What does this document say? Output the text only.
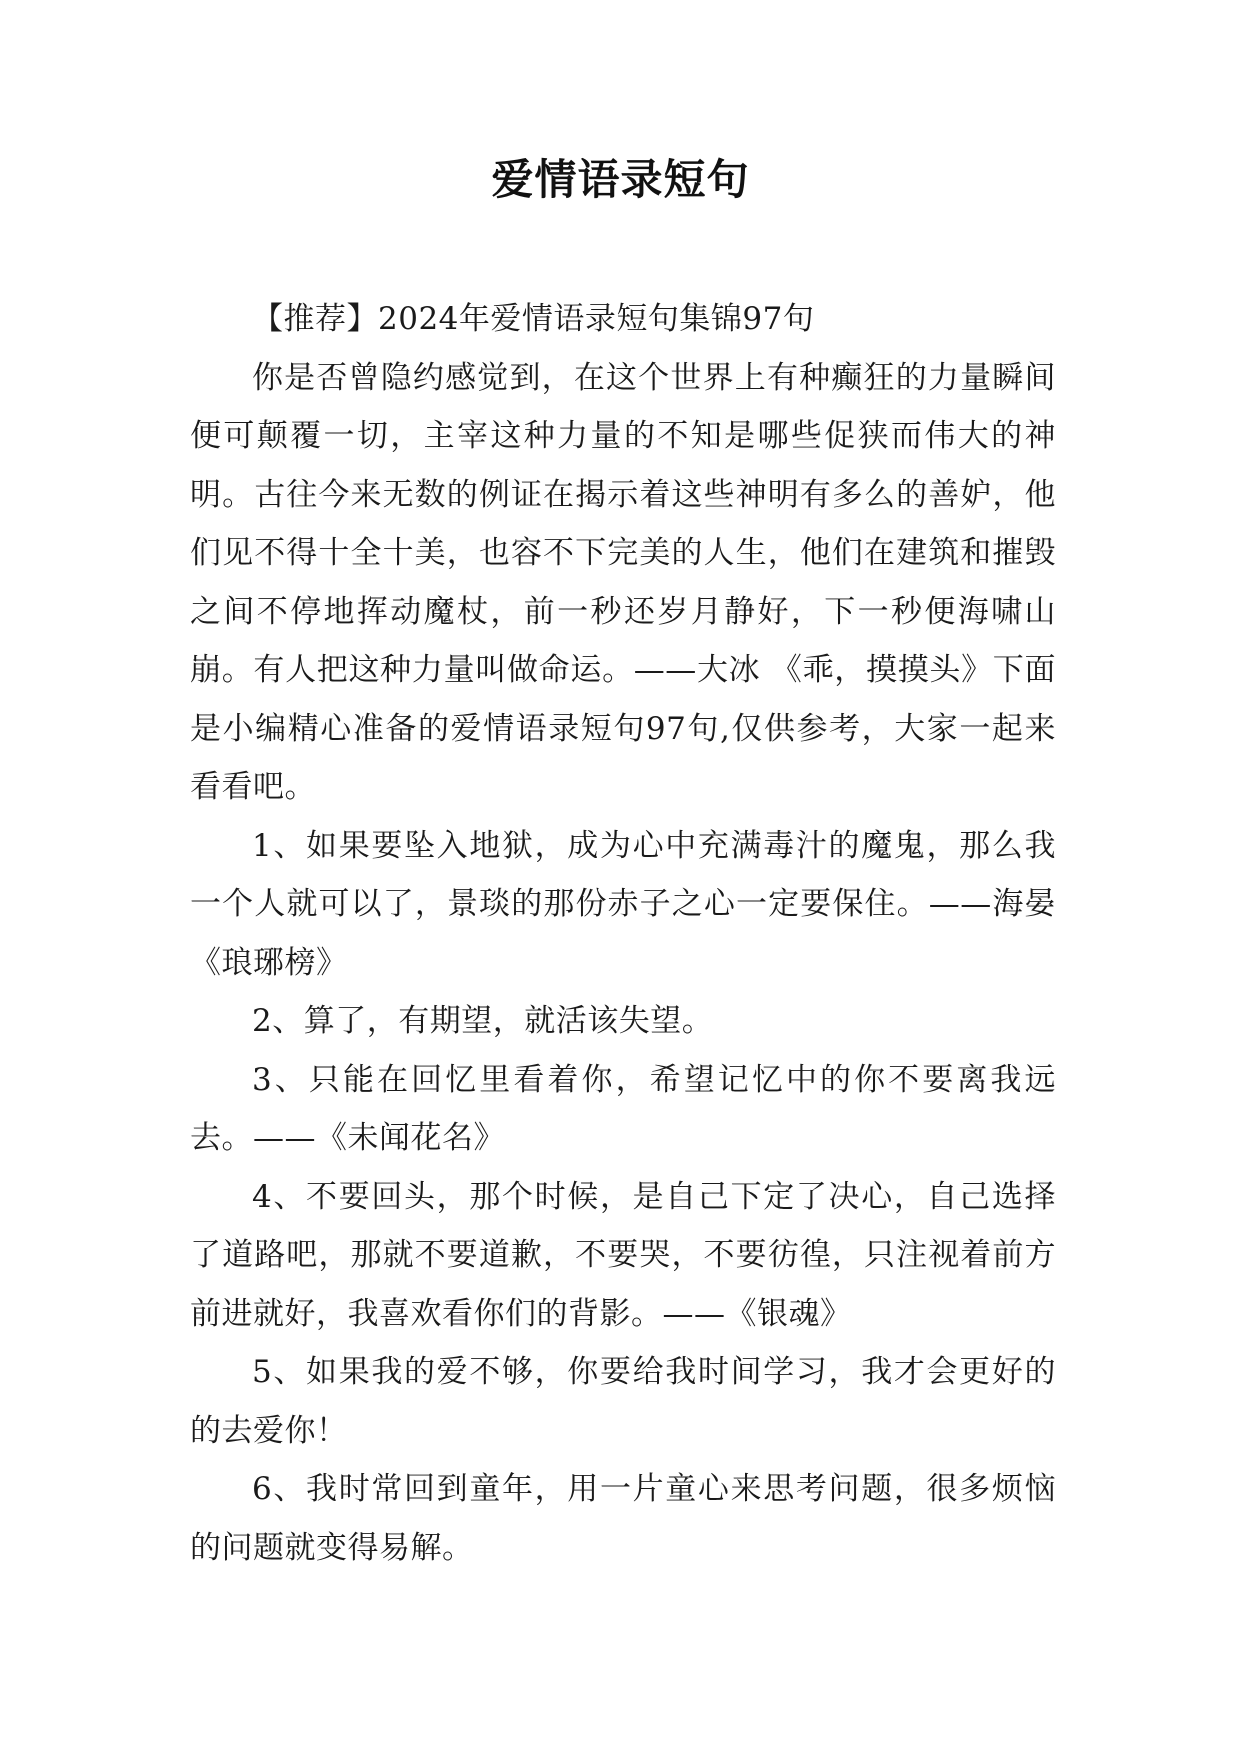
爱情语录短句

【推荐】2024年爱情语录短句集锦97句

你是否曾隐约感觉到，在这个世界上有种癫狂的力量瞬间便可颠覆一切，主宰这种力量的不知是哪些促狭而伟大的神明。古往今来无数的例证在揭示着这些神明有多么的善妒，他们见不得十全十美，也容不下完美的人生，他们在建筑和摧毁之间不停地挥动魔杖，前一秒还岁月静好，下一秒便海啸山崩。有人把这种力量叫做命运。——大冰 《乖，摸摸头》下面是小编精心准备的爱情语录短句97句,仅供参考，大家一起来看看吧。

1、如果要坠入地狱，成为心中充满毒汁的魔鬼，那么我一个人就可以了，景琰的那份赤子之心一定要保住。——海晏《琅琊榜》

2、算了，有期望，就活该失望。

3、只能在回忆里看着你，希望记忆中的你不要离我远去。——《未闻花名》

4、不要回头，那个时候，是自己下定了决心，自己选择了道路吧，那就不要道歉，不要哭，不要彷徨，只注视着前方前进就好，我喜欢看你们的背影。——《银魂》

5、如果我的爱不够，你要给我时间学习，我才会更好的的去爱你！

6、我时常回到童年，用一片童心来思考问题，很多烦恼的问题就变得易解。
